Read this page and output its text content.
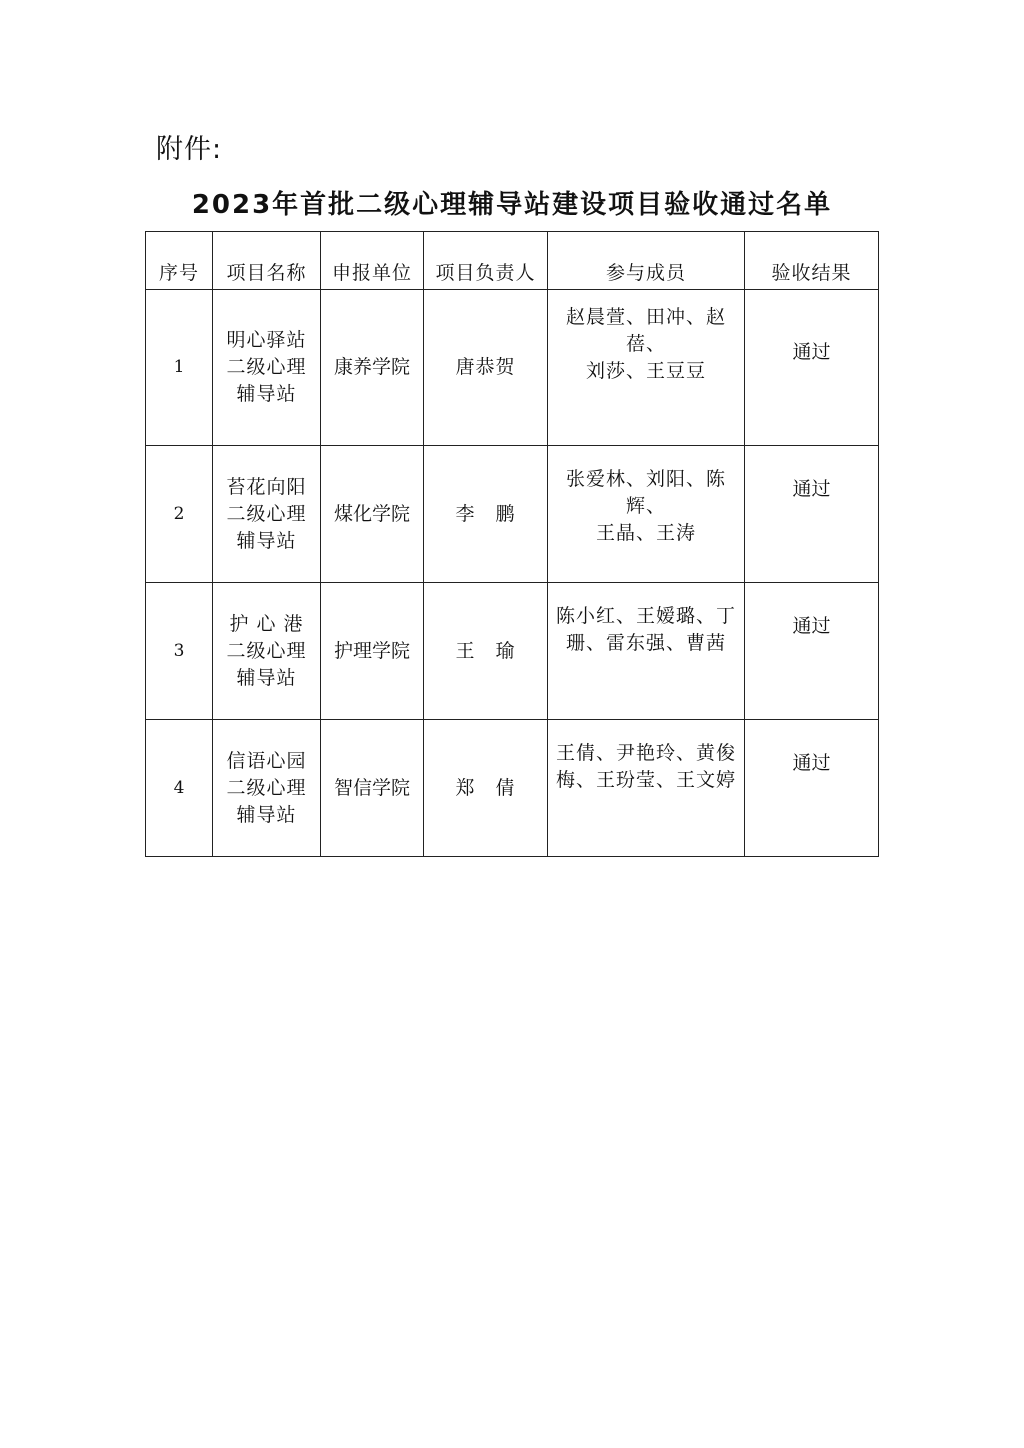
附件:
2023年首批二级心理辅导站建设项目验收通过名单
序号	项目名称	申报单位	项目负责人	参与成员	验收结果
1	明心驿站
二级心理
辅导站	康养学院	唐恭贺	赵晨萱、田冲、赵蓓、
刘莎、王豆豆	通过
2	苔花向阳
二级心理
辅导站	煤化学院	李　鹏	张爱林、刘阳、陈辉、
王晶、王涛	通过
3	护 心 港
二级心理
辅导站	护理学院	王　瑜	陈小红、王嫒璐、丁
珊、雷东强、曹茜	通过
4	信语心园
二级心理
辅导站	智信学院	郑　倩	王倩、尹艳玲、黄俊
梅、王玢莹、王文婷	通过
